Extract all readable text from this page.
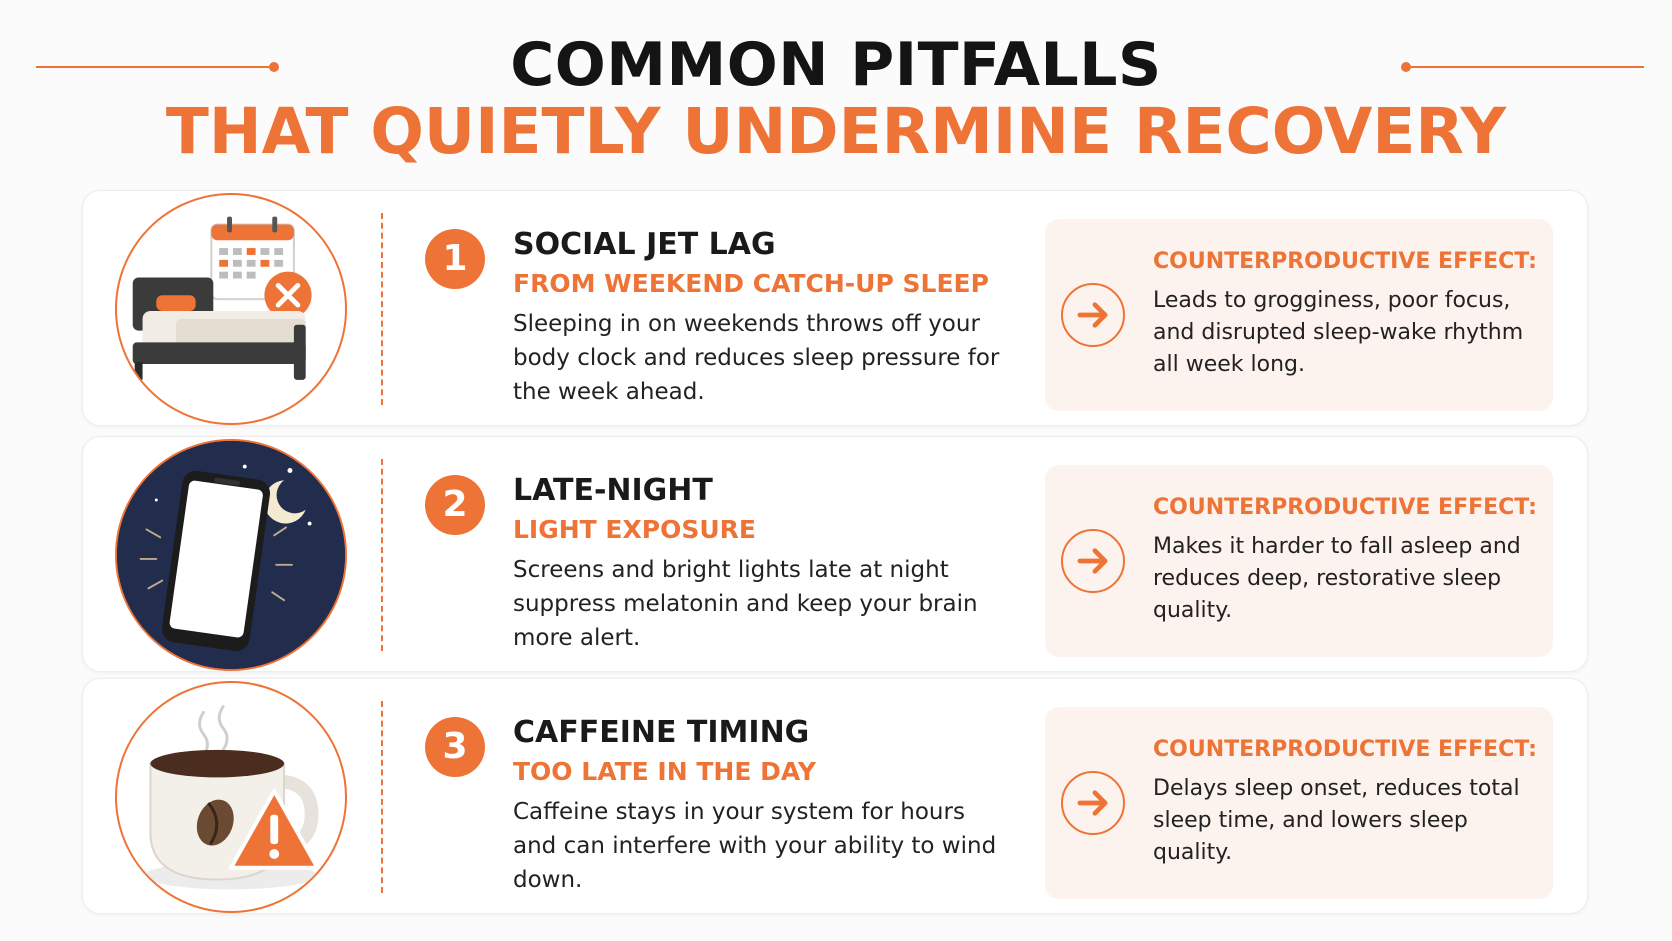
COMMON PITFALLS
THAT QUIETLY UNDERMINE RECOVERY
1	SOCIAL JET LAG
FROM WEEKEND CATCH-UP SLEEP
Sleeping in on weekends throws off your body clock and reduces sleep pressure for the week ahead.
COUNTERPRODUCTIVE EFFECT:
Leads to grogginess, poor focus, and disrupted sleep-wake rhythm all week long.
2	LATE-NIGHT
LIGHT EXPOSURE
Screens and bright lights late at night suppress melatonin and keep your brain more alert.
COUNTERPRODUCTIVE EFFECT:
Makes it harder to fall asleep and reduces deep, restorative sleep quality.
3	CAFFEINE TIMING
TOO LATE IN THE DAY
Caffeine stays in your system for hours and can interfere with your ability to wind down.
COUNTERPRODUCTIVE EFFECT:
Delays sleep onset, reduces total sleep time, and lowers sleep quality.
